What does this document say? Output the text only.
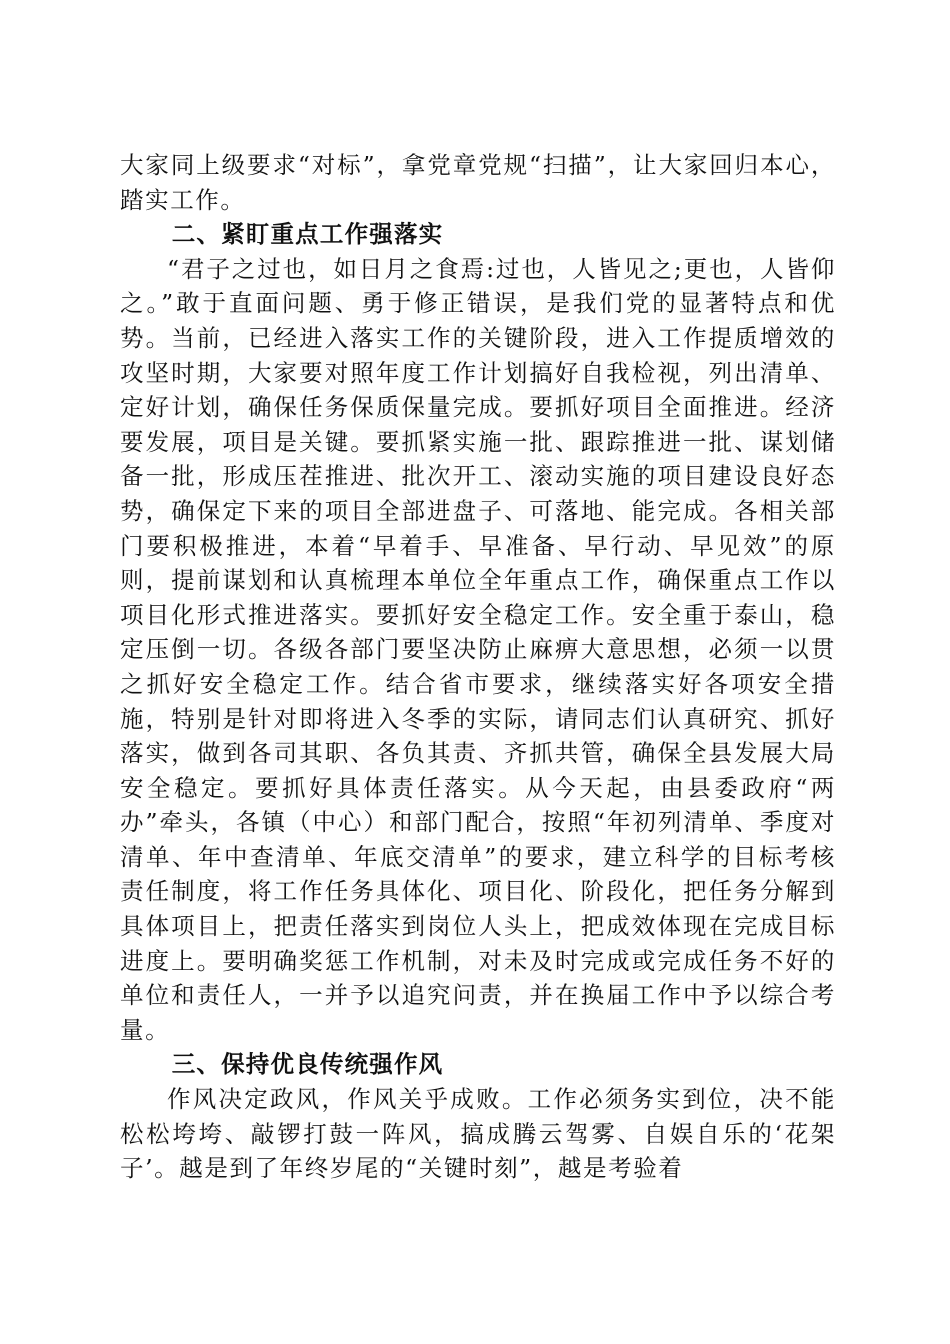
大家同上级要求“对标”，拿党章党规“扫描”，让大家回归本心，踏实工作。

二、紧盯重点工作强落实

“君子之过也，如日月之食焉:过也，人皆见之;更也，人皆仰之。”敢于直面问题、勇于修正错误，是我们党的显著特点和优势。当前，已经进入落实工作的关键阶段，进入工作提质增效的攻坚时期，大家要对照年度工作计划搞好自我检视，列出清单、定好计划，确保任务保质保量完成。要抓好项目全面推进。经济要发展，项目是关键。要抓紧实施一批、跟踪推进一批、谋划储备一批，形成压茬推进、批次开工、滚动实施的项目建设良好态势，确保定下来的项目全部进盘子、可落地、能完成。各相关部门要积极推进，本着“早着手、早准备、早行动、早见效”的原则，提前谋划和认真梳理本单位全年重点工作，确保重点工作以项目化形式推进落实。要抓好安全稳定工作。安全重于泰山，稳定压倒一切。各级各部门要坚决防止麻痹大意思想，必须一以贯之抓好安全稳定工作。结合省市要求，继续落实好各项安全措施，特别是针对即将进入冬季的实际，请同志们认真研究、抓好落实，做到各司其职、各负其责、齐抓共管，确保全县发展大局安全稳定。要抓好具体责任落实。从今天起，由县委政府“两办”牵头，各镇（中心）和部门配合，按照“年初列清单、季度对清单、年中查清单、年底交清单”的要求，建立科学的目标考核责任制度，将工作任务具体化、项目化、阶段化，把任务分解到具体项目上，把责任落实到岗位人头上，把成效体现在完成目标进度上。要明确奖惩工作机制，对未及时完成或完成任务不好的单位和责任人，一并予以追究问责，并在换届工作中予以综合考量。

三、保持优良传统强作风

作风决定政风，作风关乎成败。工作必须务实到位，决不能松松垮垮、敲锣打鼓一阵风，搞成腾云驾雾、自娱自乐的‘花架子’。越是到了年终岁尾的“关键时刻”，越是考验着
